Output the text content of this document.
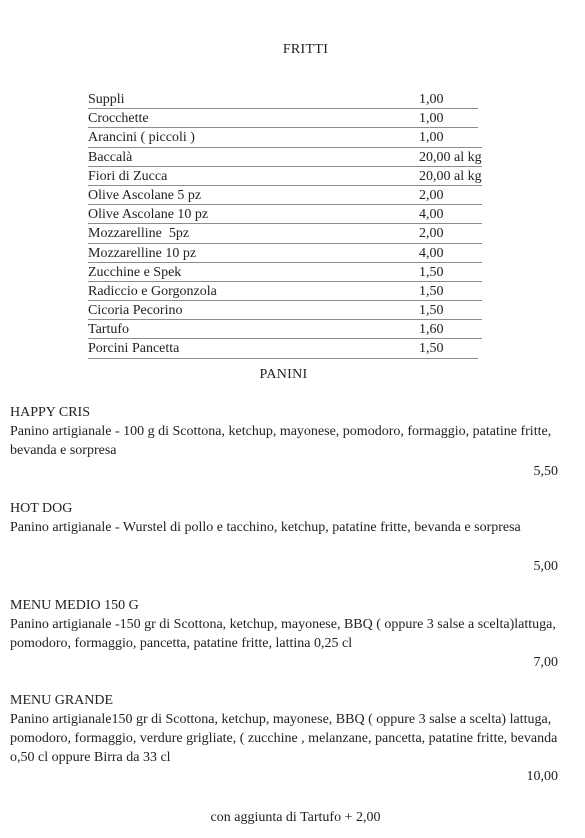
FRITTI
Suppli	1,00
Crocchette	1,00
Arancini ( piccoli )	1,00
Baccalà	20,00 al kg
Fiori di Zucca	20,00 al kg
Olive Ascolane 5 pz	2,00
Olive Ascolane 10 pz	4,00
Mozzarelline  5pz	2,00
Mozzarelline 10 pz	4,00
Zucchine e Spek	1,50
Radiccio e Gorgonzola	1,50
Cicoria Pecorino	1,50
Tartufo	1,60
Porcini Pancetta	1,50
PANINI
HAPPY CRIS
Panino artigianale - 100 g di Scottona, ketchup, mayonese, pomodoro, formaggio, patatine fritte, bevanda e sorpresa
5,50
HOT DOG
Panino artigianale - Wurstel di pollo e tacchino, ketchup, patatine fritte, bevanda e sorpresa
5,00
MENU MEDIO 150 G
Panino artigianale -150 gr di Scottona, ketchup, mayonese, BBQ ( oppure 3 salse a scelta)lattuga, pomodoro, formaggio, pancetta, patatine fritte, lattina 0,25 cl
7,00
MENU GRANDE
Panino artigianale150 gr di Scottona, ketchup, mayonese, BBQ ( oppure 3 salse a scelta) lattuga, pomodoro, formaggio, verdure grigliate, ( zucchine , melanzane, pancetta, patatine fritte, bevanda o,50 cl oppure Birra da 33 cl
10,00
con aggiunta di Tartufo + 2,00
